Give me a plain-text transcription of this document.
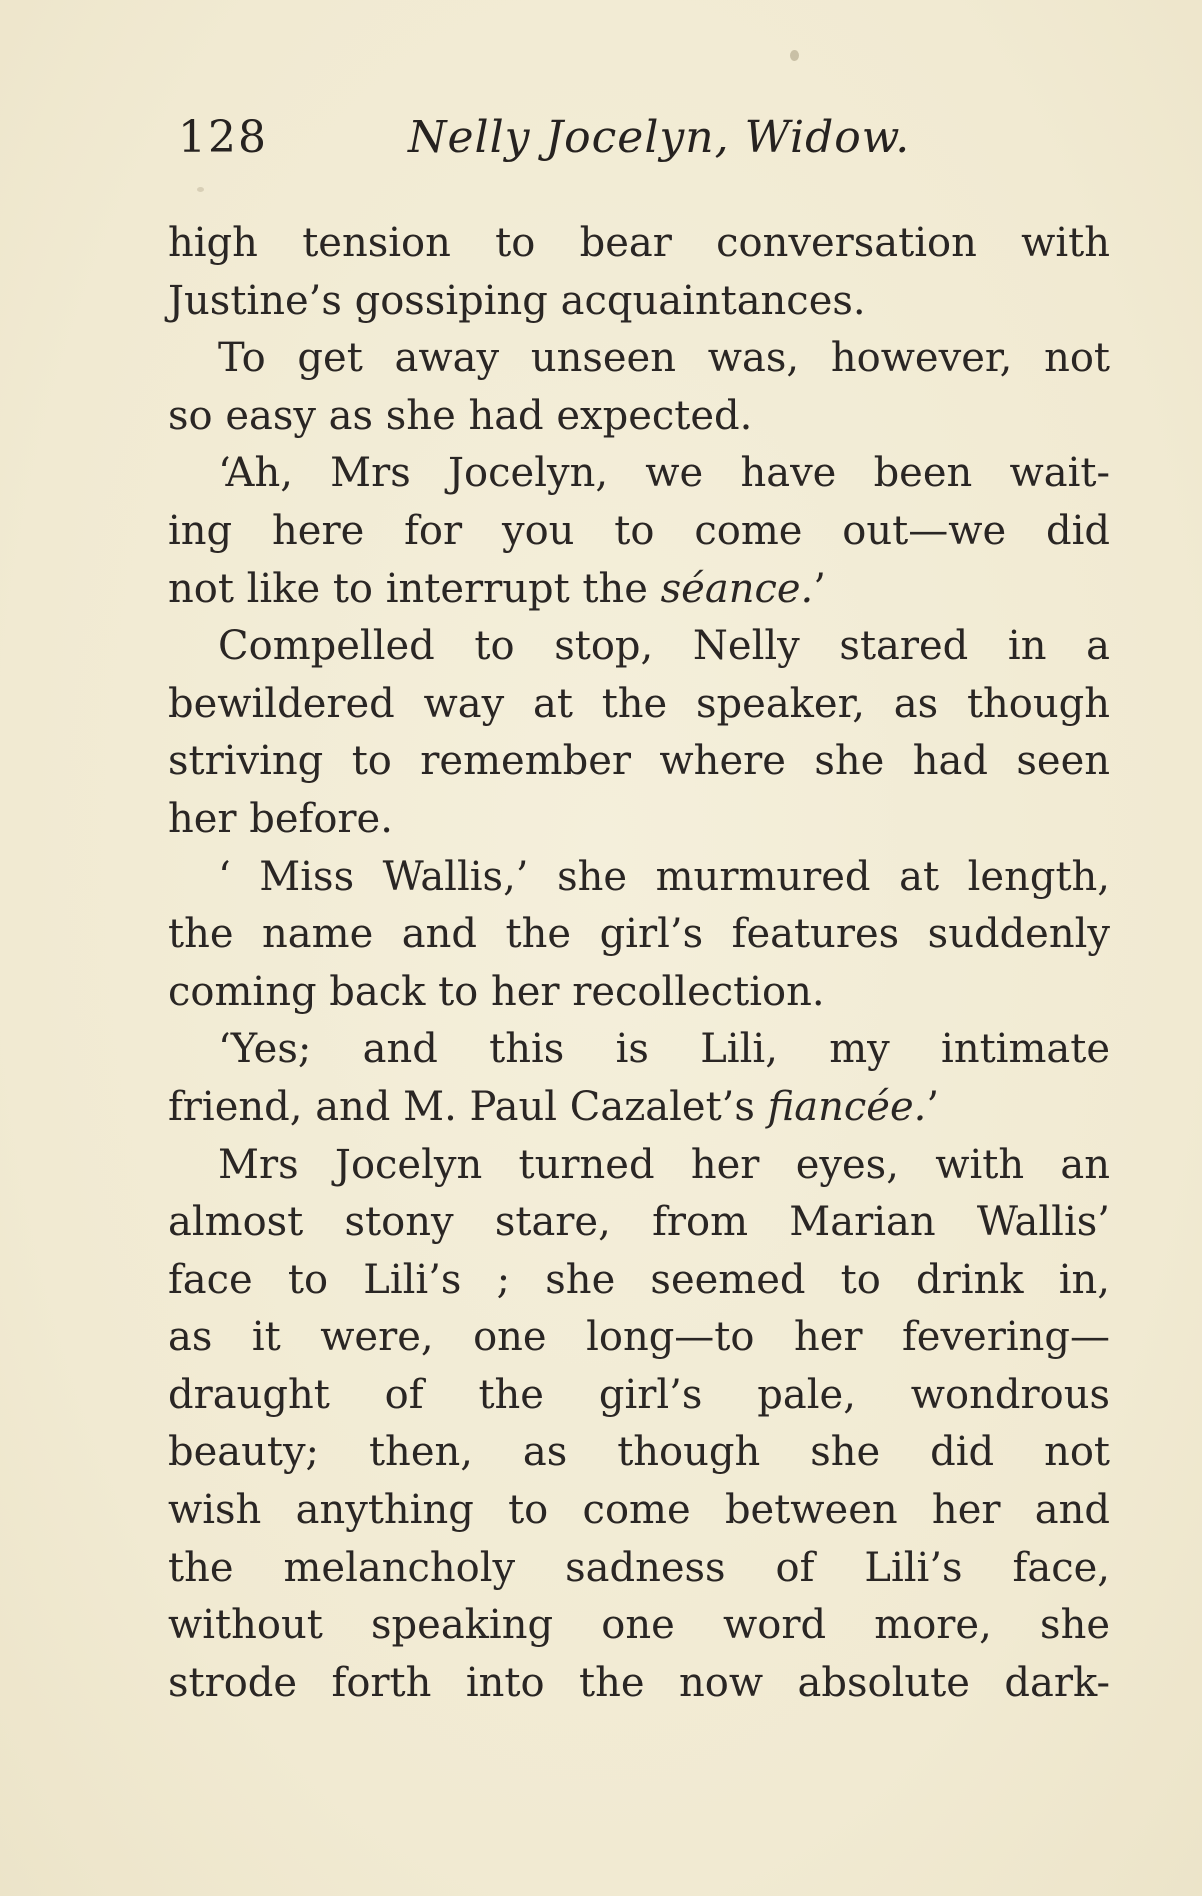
128	Nelly Jocelyn, Widow.
high tension to bear conversation with
Justine’s gossiping acquaintances.
To get away unseen was, however, not
so easy as she had expected.
‘Ah, Mrs Jocelyn, we have been wait-
ing here for you to come out—we did
not like to interrupt the séance.’
Compelled to stop, Nelly stared in a
bewildered way at the speaker, as though
striving to remember where she had seen
her before.
‘ Miss Wallis,’ she murmured at length,
the name and the girl’s features suddenly
coming back to her recollection.
‘Yes; and this is Lili, my intimate
friend, and M. Paul Cazalet’s fiancée.’
Mrs Jocelyn turned her eyes, with an
almost stony stare, from Marian Wallis’
face to Lili’s ; she seemed to drink in,
as it were, one long—to her fevering—
draught of the girl’s pale, wondrous
beauty; then, as though she did not
wish anything to come between her and
the melancholy sadness of Lili’s face,
without speaking one word more, she
strode forth into the now absolute dark-
